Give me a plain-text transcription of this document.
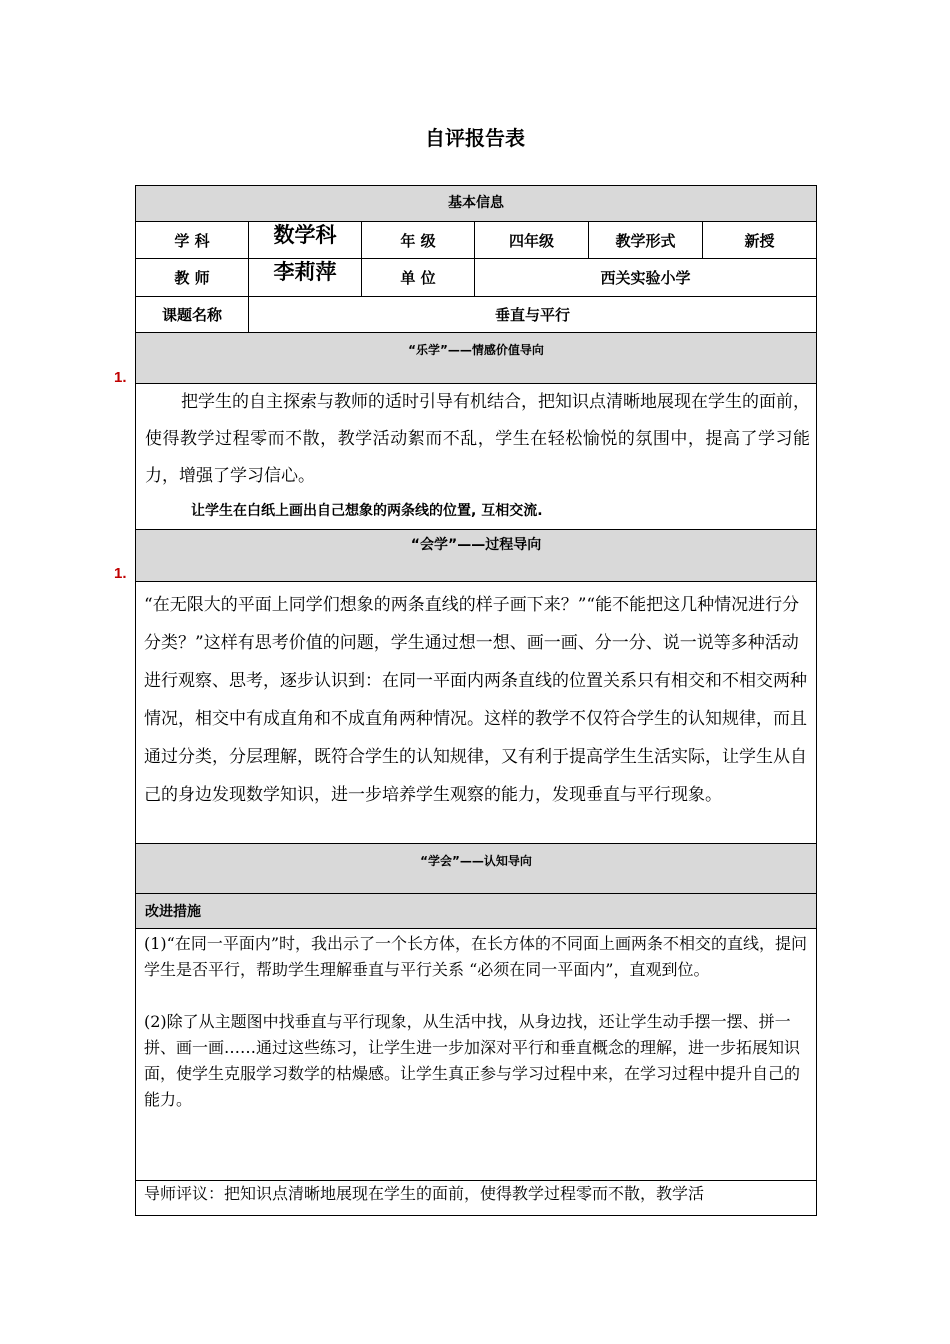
自评报告表
1.
1.
基本信息					
学 科	数学科	年 级	四年级	教学形式	新授
教 师	李莉萍	单 位	西关实验小学		
课题名称	垂直与平行				
“乐学”——情感价值导向					

把学生的自主探索与教师的适时引导有机结合，把知识点清晰地展现在学生的面前，使得教学过程零而不散，教学活动絮而不乱，学生在轻松愉悦的氛围中，提高了学习能力，增强了学习信心。

让学生在白纸上画出自己想象的两条线的位置, 互相交流.					

“会学”——过程导向					
“在无限大的平面上同学们想象的两条直线的样子画下来？”“能不能把这几种情况进行分分类？”这样有思考价值的问题，学生通过想一想、画一画、分一分、说一说等多种活动进行观察、思考，逐步认识到：在同一平面内两条直线的位置关系只有相交和不相交两种情况，相交中有成直角和不成直角两种情况。这样的教学不仅符合学生的认知规律，而且通过分类，分层理解，既符合学生的认知规律，又有利于提高学生生活实际，让学生从自己的身边发现数学知识，进一步培养学生观察的能力，发现垂直与平行现象。					
“学会”——认知导向					
改进措施					

(1)“在同一平面内”时，我出示了一个长方体，在长方体的不同面上画两条不相交的直线，提问学生是否平行，帮助学生理解垂直与平行关系 “必须在同一平面内”，直观到位。

(2)除了从主题图中找垂直与平行现象，从生活中找，从身边找，还让学生动手摆一摆、拼一拼、画一画……通过这些练习，让学生进一步加深对平行和垂直概念的理解，进一步拓展知识面，使学生克服学习数学的枯燥感。让学生真正参与学习过程中来，在学习过程中提升自己的能力。					

导师评议：把知识点清晰地展现在学生的面前，使得教学过程零而不散，教学活					
